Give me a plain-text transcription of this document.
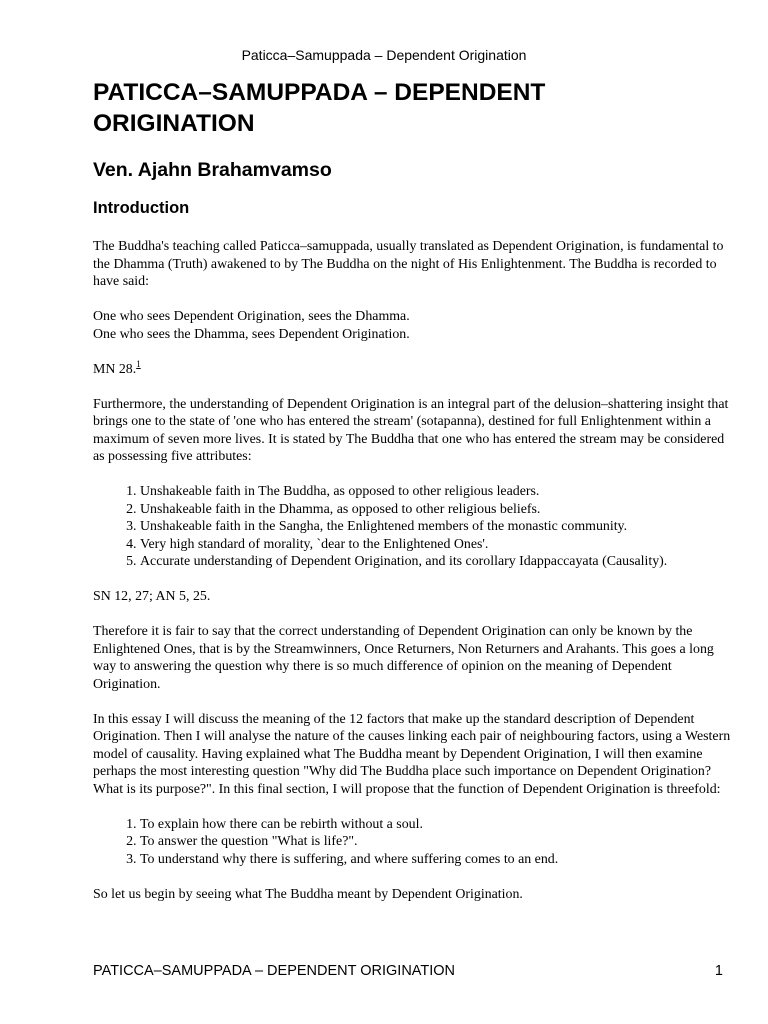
Paticca–Samuppada – Dependent Origination
PATICCA–SAMUPPADA – DEPENDENT
ORIGINATION
Ven. Ajahn Brahamvamso
Introduction

The Buddha's teaching called Paticca–samuppada, usually translated as Dependent Origination, is fundamental to the Dhamma (Truth) awakened to by The Buddha on the night of His Enlightenment. The Buddha is recorded to have said:

One who sees Dependent Origination, sees the Dhamma.
One who sees the Dhamma, sees Dependent Origination.

MN 28.$^1$

Furthermore, the understanding of Dependent Origination is an integral part of the delusion–shattering insight that brings one to the state of 'one who has entered the stream' (sotapanna), destined for full Enlightenment within a maximum of seven more lives. It is stated by The Buddha that one who has entered the stream may be considered as possessing five attributes:

1. Unshakeable faith in The Buddha, as opposed to other religious leaders.
2. Unshakeable faith in the Dhamma, as opposed to other religious beliefs.
3. Unshakeable faith in the Sangha, the Enlightened members of the monastic community.
4. Very high standard of morality, `dear to the Enlightened Ones'.
5. Accurate understanding of Dependent Origination, and its corollary Idappaccayata (Causality).

SN 12, 27; AN 5, 25.

Therefore it is fair to say that the correct understanding of Dependent Origination can only be known by the Enlightened Ones, that is by the Streamwinners, Once Returners, Non Returners and Arahants. This goes a long way to answering the question why there is so much difference of opinion on the meaning of Dependent Origination.

In this essay I will discuss the meaning of the 12 factors that make up the standard description of Dependent Origination. Then I will analyse the nature of the causes linking each pair of neighbouring factors, using a Western model of causality. Having explained what The Buddha meant by Dependent Origination, I will then examine perhaps the most interesting question "Why did The Buddha place such importance on Dependent Origination? What is its purpose?". In this final section, I will propose that the function of Dependent Origination is threefold:

1. To explain how there can be rebirth without a soul.
2. To answer the question "What is life?".
3. To understand why there is suffering, and where suffering comes to an end.

So let us begin by seeing what The Buddha meant by Dependent Origination.

PATICCA–SAMUPPADA – DEPENDENT ORIGINATION	1
